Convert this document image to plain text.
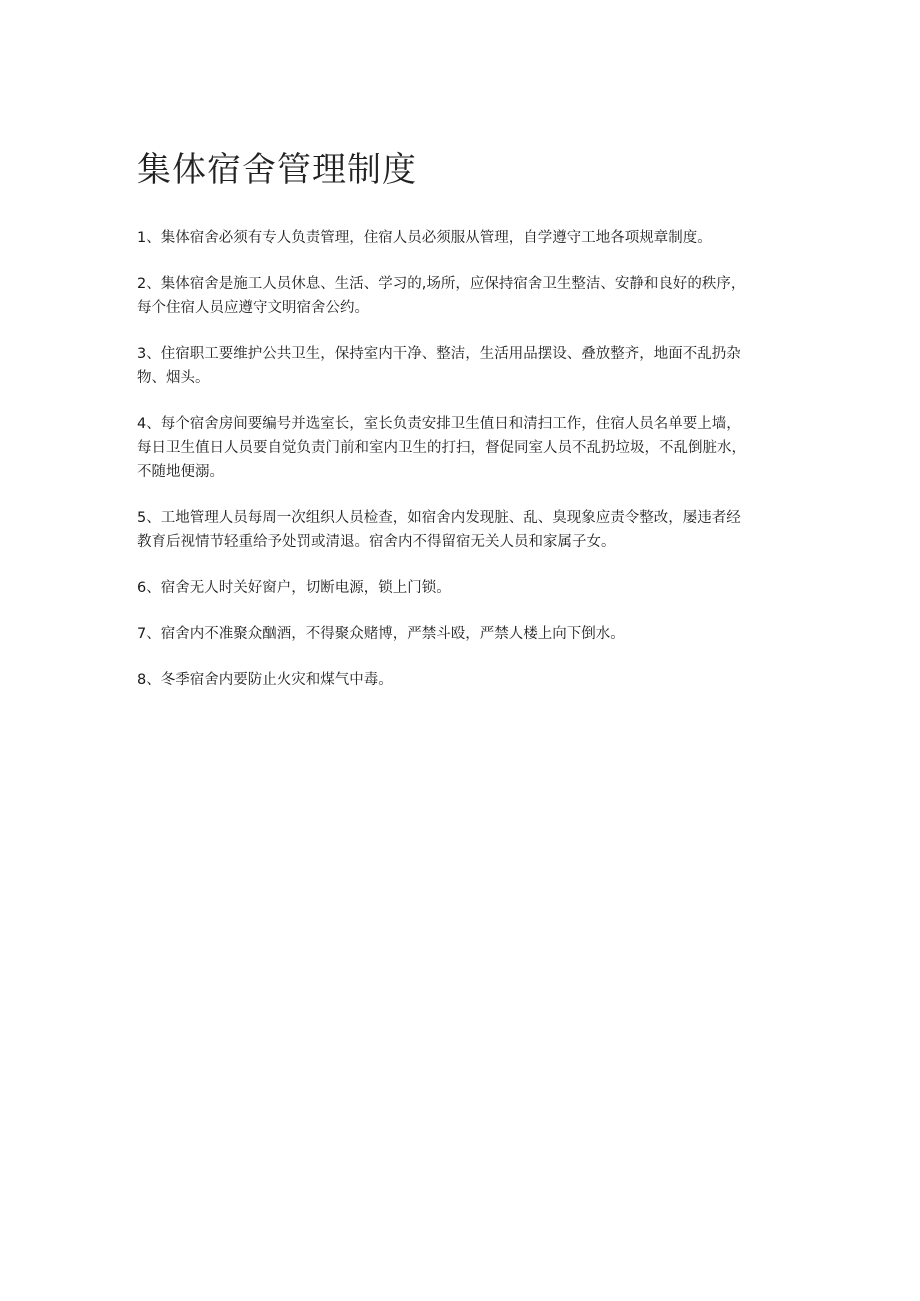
集体宿舍管理制度
1、集体宿舍必须有专人负责管理，住宿人员必须服从管理，自学遵守工地各项规章制度。
2、集体宿舍是施工人员休息、生活、学习的,场所，应保持宿舍卫生整洁、安静和良好的秩序，
每个住宿人员应遵守文明宿舍公约。
3、住宿职工要维护公共卫生，保持室内干净、整洁，生活用品摆设、叠放整齐，地面不乱扔杂
物、烟头。
4、每个宿舍房间要编号并选室长，室长负责安排卫生值日和清扫工作，住宿人员名单要上墙，
每日卫生值日人员要自觉负责门前和室内卫生的打扫，督促同室人员不乱扔垃圾，不乱倒脏水，
不随地便溺。
5、工地管理人员每周一次组织人员检查，如宿舍内发现脏、乱、臭现象应责令整改，屡违者经
教育后视情节轻重给予处罚或清退。宿舍内不得留宿无关人员和家属子女。
6、宿舍无人时关好窗户，切断电源，锁上门锁。
7、宿舍内不准聚众酗酒，不得聚众赌博，严禁斗殴，严禁人楼上向下倒水。
8、冬季宿舍内要防止火灾和煤气中毒。
